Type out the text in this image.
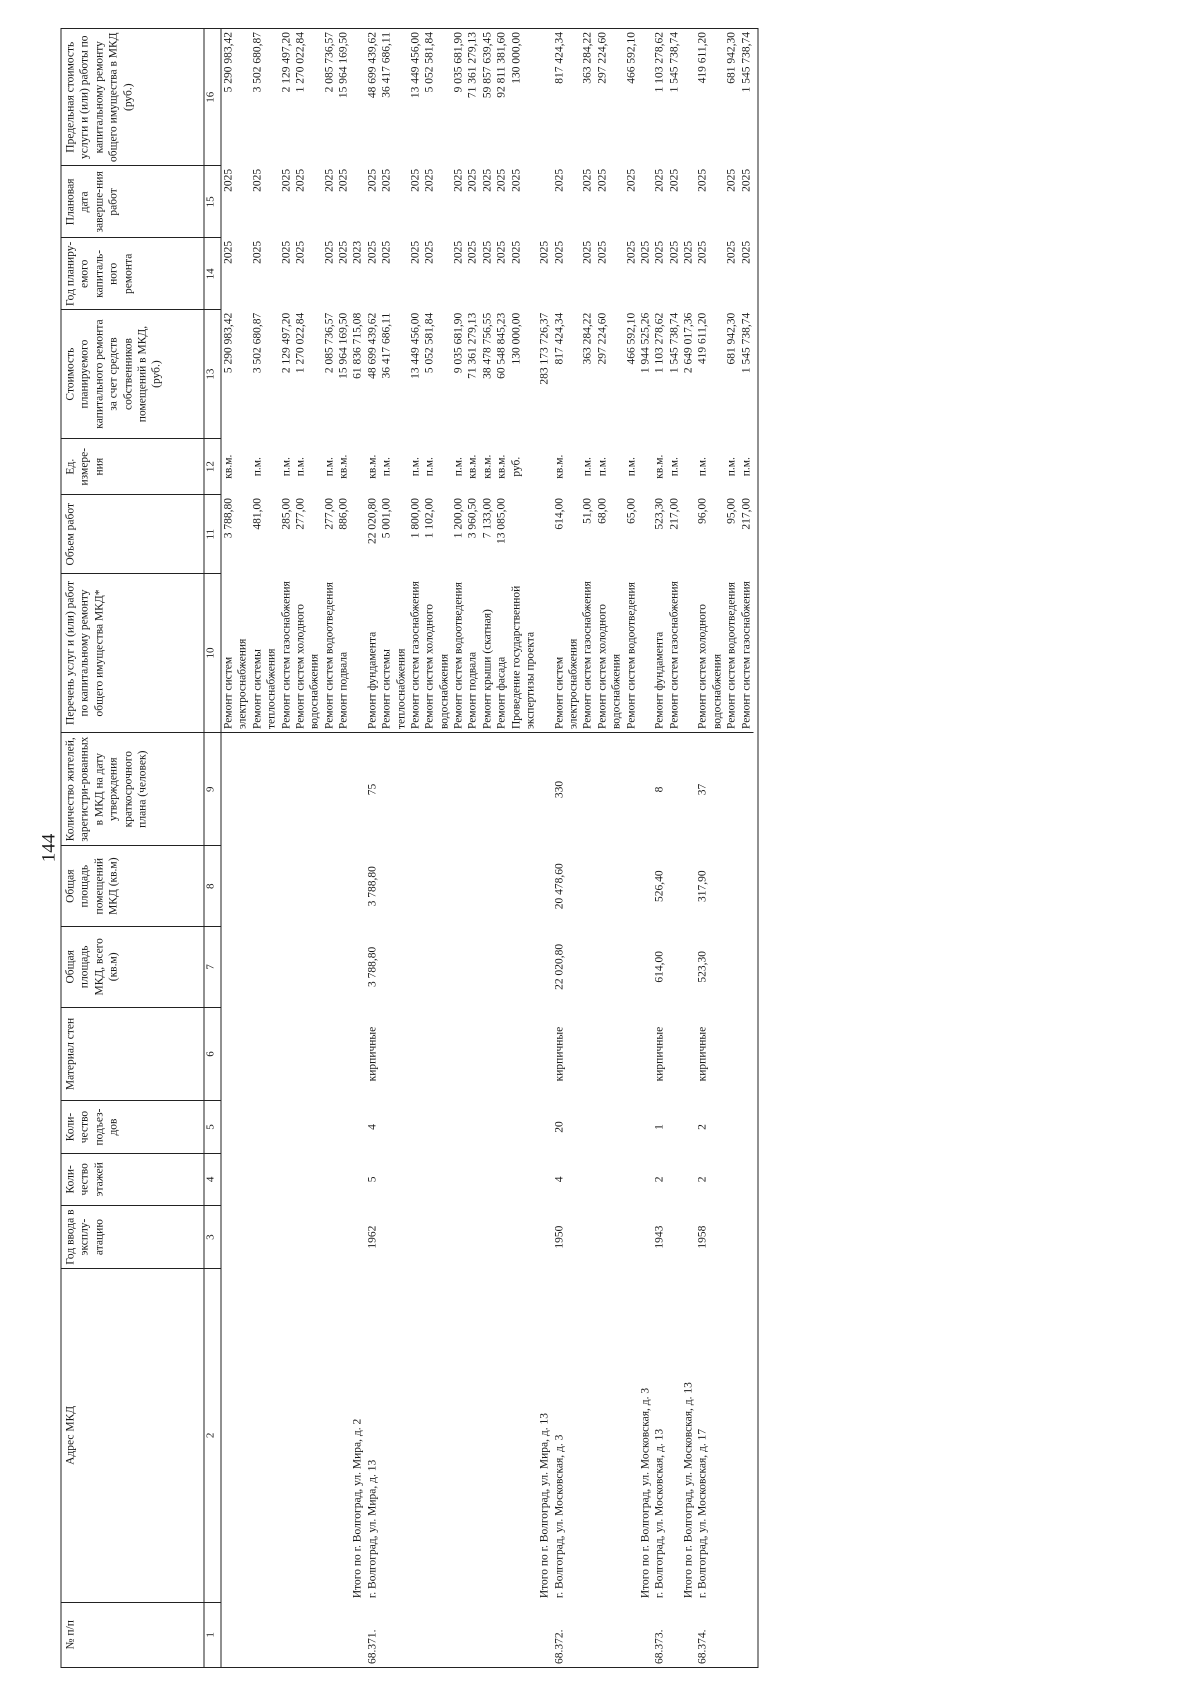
144
№ п/п	Адрес МКД	Год ввода в эксплу-атацию	Коли-чество этажей	Коли-чество подъез-дов	Материал стен	Общая площадь МКД, всего (кв.м)	Общая площадь помещений МКД (кв.м)	Количество жителей, зарегистри-рованных в МКД на дату утверждения краткосрочного плана (человек)	Перечень услуг и (или) работ по капитальному ремонту общего имущества МКД*	Объем работ	Ед. измере-ния	Стоимость планируемого капитального ремонта за счет средств собственников помещений в МКД, (руб.)	Год планиру-емого капиталь-ного ремонта	Плановая дата заверше-ния работ	Предельная стоимость услуги и (или) работы по капитальному ремонту общего имущества в МКД (руб.)
1	2	3	4	5	6	7	8	9	10	11	12	13	14	15	16
									Ремонт систем электроснабжения	3 788,80	кв.м.	5 290 983,42	2025	2025	5 290 983,42
									Ремонт системы теплоснабжения	481,00	п.м.	3 502 680,87	2025	2025	3 502 680,87
									Ремонт систем газоснабжения	285,00	п.м.	2 129 497,20	2025	2025	2 129 497,20
									Ремонт систем холодного водоснабжения	277,00	п.м.	1 270 022,84	2025	2025	1 270 022,84
									Ремонт систем водоотведения	277,00	п.м.	2 085 736,57	2025	2025	2 085 736,57
									Ремонт подвала	886,00	кв.м.	15 964 169,50	2025	2025	15 964 169,50
	Итого по г. Волгоград, ул. Мира, д. 2											61 836 715,08	2023		
68.371.	г. Волгоград, ул. Мира, д. 13	1962	5	4	кирпичные	3 788,80	3 788,80	75	Ремонт фундамента	22 020,80	кв.м.	48 699 439,62	2025	2025	48 699 439,62
									Ремонт системы теплоснабжения	5 001,00	п.м.	36 417 686,11	2025	2025	36 417 686,11
									Ремонт систем газоснабжения	1 800,00	п.м.	13 449 456,00	2025	2025	13 449 456,00
									Ремонт систем холодного водоснабжения	1 102,00	п.м.	5 052 581,84	2025	2025	5 052 581,84
									Ремонт систем водоотведения	1 200,00	п.м.	9 035 681,90	2025	2025	9 035 681,90
									Ремонт подвала	3 960,50	кв.м.	71 361 279,13	2025	2025	71 361 279,13
									Ремонт крыши (скатная)	7 133,00	кв.м.	38 478 756,55	2025	2025	59 857 639,45
									Ремонт фасада	13 085,00	кв.м.	60 548 845,23	2025	2025	92 811 381,60
									Проведение государственной экспертизы проекта		руб.	130 000,00	2025	2025	130 000,00
	Итого по г. Волгоград, ул. Мира, д. 13											283 173 726,37	2025		
68.372.	г. Волгоград, ул. Московская, д. 3	1950	4	20	кирпичные	22 020,80	20 478,60	330	Ремонт систем электроснабжения	614,00	кв.м.	817 424,34	2025	2025	817 424,34
									Ремонт систем газоснабжения	51,00	п.м.	363 284,22	2025	2025	363 284,22
									Ремонт систем холодного водоснабжения	68,00	п.м.	297 224,60	2025	2025	297 224,60
									Ремонт систем водоотведения	65,00	п.м.	466 592,10	2025	2025	466 592,10
	Итого по г. Волгоград, ул. Московская, д. 3											1 944 525,26	2025		
68.373.	г. Волгоград, ул. Московская, д. 13	1943	2	1	кирпичные	614,00	526,40	8	Ремонт фундамента	523,30	кв.м.	1 103 278,62	2025	2025	1 103 278,62
									Ремонт систем газоснабжения	217,00	п.м.	1 545 738,74	2025	2025	1 545 738,74
	Итого по г. Волгоград, ул. Московская, д. 13											2 649 017,36	2025		
68.374.	г. Волгоград, ул. Московская, д. 17	1958	2	2	кирпичные	523,30	317,90	37	Ремонт систем холодного водоснабжения	96,00	п.м.	419 611,20	2025	2025	419 611,20
									Ремонт систем водоотведения	95,00	п.м.	681 942,30	2025	2025	681 942,30
									Ремонт систем газоснабжения	217,00	п.м.	1 545 738,74	2025	2025	1 545 738,74
